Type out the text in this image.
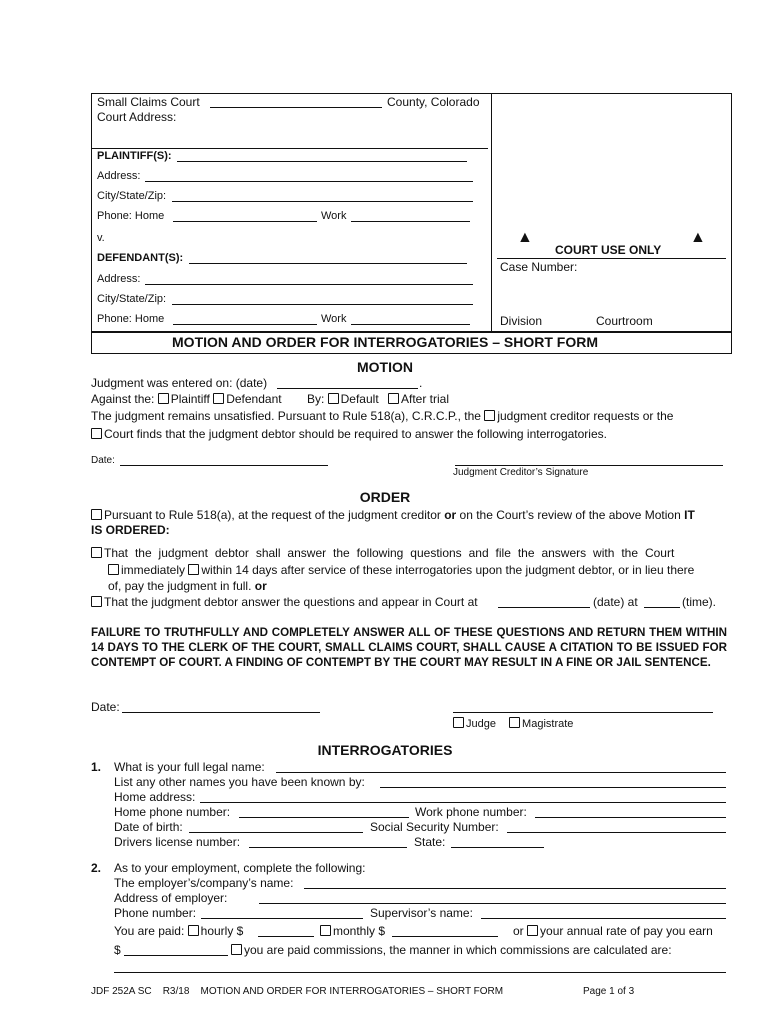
Small Claims Court	County, Colorado
Court Address:
PLAINTIFF(S):
Address:
City/State/Zip:
Phone: Home	Work
v.
DEFENDANT(S):
Address:
City/State/Zip:
Phone: Home	Work
▲
COURT USE ONLY
▲
Case Number:
Division	Courtroom
MOTION AND ORDER FOR INTERROGATORIES – SHORT FORM
MOTION
Judgment was entered on: (date)	.
Against the: Plaintiff Defendant By: Default After trial
The judgment remains unsatisfied. Pursuant to Rule 518(a), C.R.C.P., the judgment creditor requests or the
Court finds that the judgment debtor should be required to answer the following interrogatories.
Date:
Judgment Creditor’s Signature
ORDER
Pursuant to Rule 518(a), at the request of the judgment creditor or on the Court’s review of the above Motion IT
IS ORDERED:
That the judgment debtor shall answer the following questions and file the answers with the Court
immediately within 14 days after service of these interrogatories upon the judgment debtor, or in lieu there
of, pay the judgment in full. or
That the judgment debtor answer the questions and appear in Court at	(date) at	(time).
FAILURE TO TRUTHFULLY AND COMPLETELY ANSWER ALL OF THESE QUESTIONS AND RETURN THEM WITHIN 14 DAYS TO THE CLERK OF THE COURT, SMALL CLAIMS COURT, SHALL CAUSE A CITATION TO BE ISSUED FOR CONTEMPT OF COURT. A FINDING OF CONTEMPT BY THE COURT MAY RESULT IN A FINE OR JAIL SENTENCE.
Date:
Judge Magistrate
INTERROGATORIES
1. What is your full legal name:
List any other names you have been known by:
Home address:
Home phone number:	Work phone number:
Date of birth:	Social Security Number:
Drivers license number:	State:
2. As to your employment, complete the following:
The employer’s/company’s name:
Address of employer:
Phone number:	Supervisor’s name:
You are paid: hourly $	monthly $	or your annual rate of pay you earn
$	you are paid commissions, the manner in which commissions are calculated are:
JDF 252A SC    R3/18    MOTION AND ORDER FOR INTERROGATORIES – SHORT FORM	Page 1 of 3
